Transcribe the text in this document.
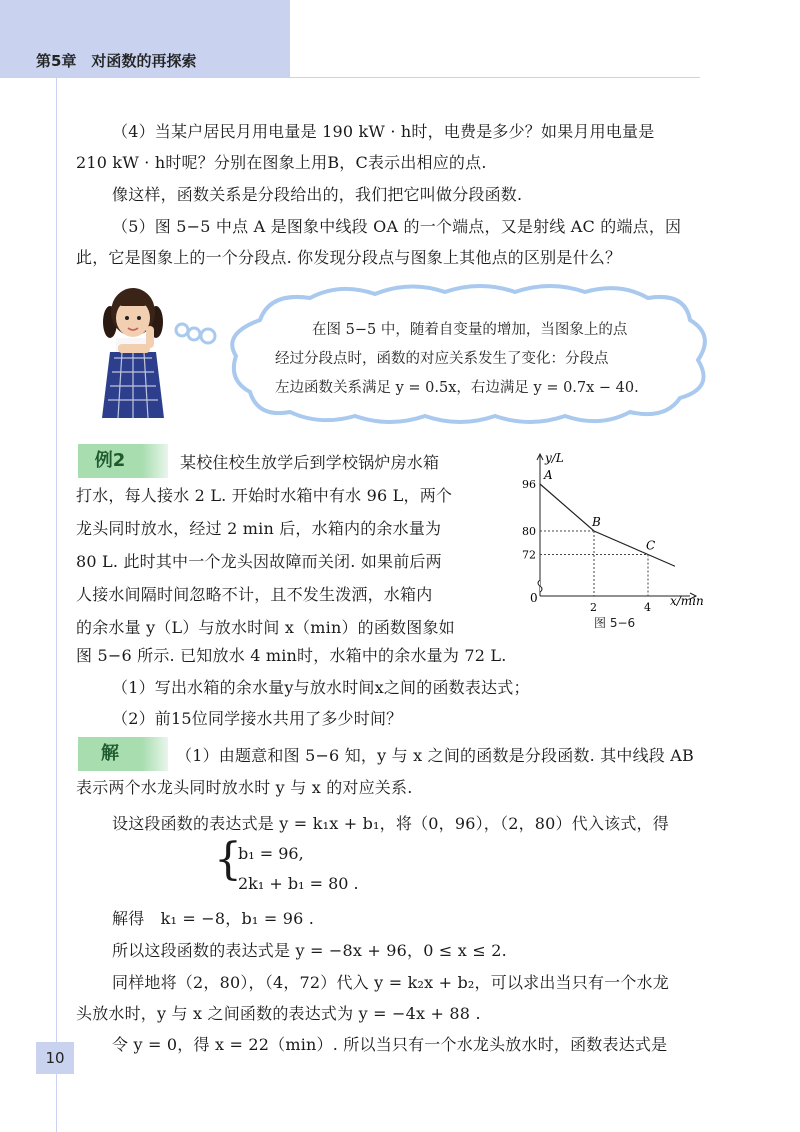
第5章　对函数的再探索
（4）当某户居民月用电量是 190 kW · h时，电费是多少？如果月用电量是
210 kW · h时呢？分别在图象上用B，C表示出相应的点.
像这样，函数关系是分段给出的，我们把它叫做分段函数.
（5）图 5−5 中点 A 是图象中线段 OA 的一个端点，又是射线 AC 的端点，因
此，它是图象上的一个分段点. 你发现分段点与图象上其他点的区别是什么？
在图 5−5 中，随着自变量的增加，当图象上的点
经过分段点时，函数的对应关系发生了变化：分段点
左边函数关系满足 y = 0.5x，右边满足 y = 0.7x − 40.
例2	某校住校生放学后到学校锅炉房水箱
打水，每人接水 2 L. 开始时水箱中有水 96 L，两个
龙头同时放水，经过 2 min 后，水箱内的余水量为
80 L. 此时其中一个龙头因故障而关闭. 如果前后两
人接水间隔时间忽略不计，且不发生泼洒，水箱内
的余水量 y（L）与放水时间 x（min）的函数图象如
图 5−6 所示. 已知放水 4 min时，水箱中的余水量为 72 L.
（1）写出水箱的余水量y与放水时间x之间的函数表达式；
（2）前15位同学接水共用了多少时间？
y/L
x/min
0
96
A
80
B
72
C
2	4
图 5−6
解	（1）由题意和图 5−6 知，y 与 x 之间的函数是分段函数. 其中线段 AB
表示两个水龙头同时放水时 y 与 x 的对应关系.
设这段函数的表达式是 y = k₁x + b₁，将（0，96），（2，80）代入该式，得
{
b₁ = 96,
2k₁ + b₁ = 80 .
解得　k₁ = −8，b₁ = 96 .
所以这段函数的表达式是 y = −8x + 96，0 ≤ x ≤ 2.
同样地将（2，80），（4，72）代入 y = k₂x + b₂，可以求出当只有一个水龙
头放水时，y 与 x 之间函数的表达式为 y = −4x + 88 .
令 y = 0，得 x = 22（min）. 所以当只有一个水龙头放水时，函数表达式是
10
